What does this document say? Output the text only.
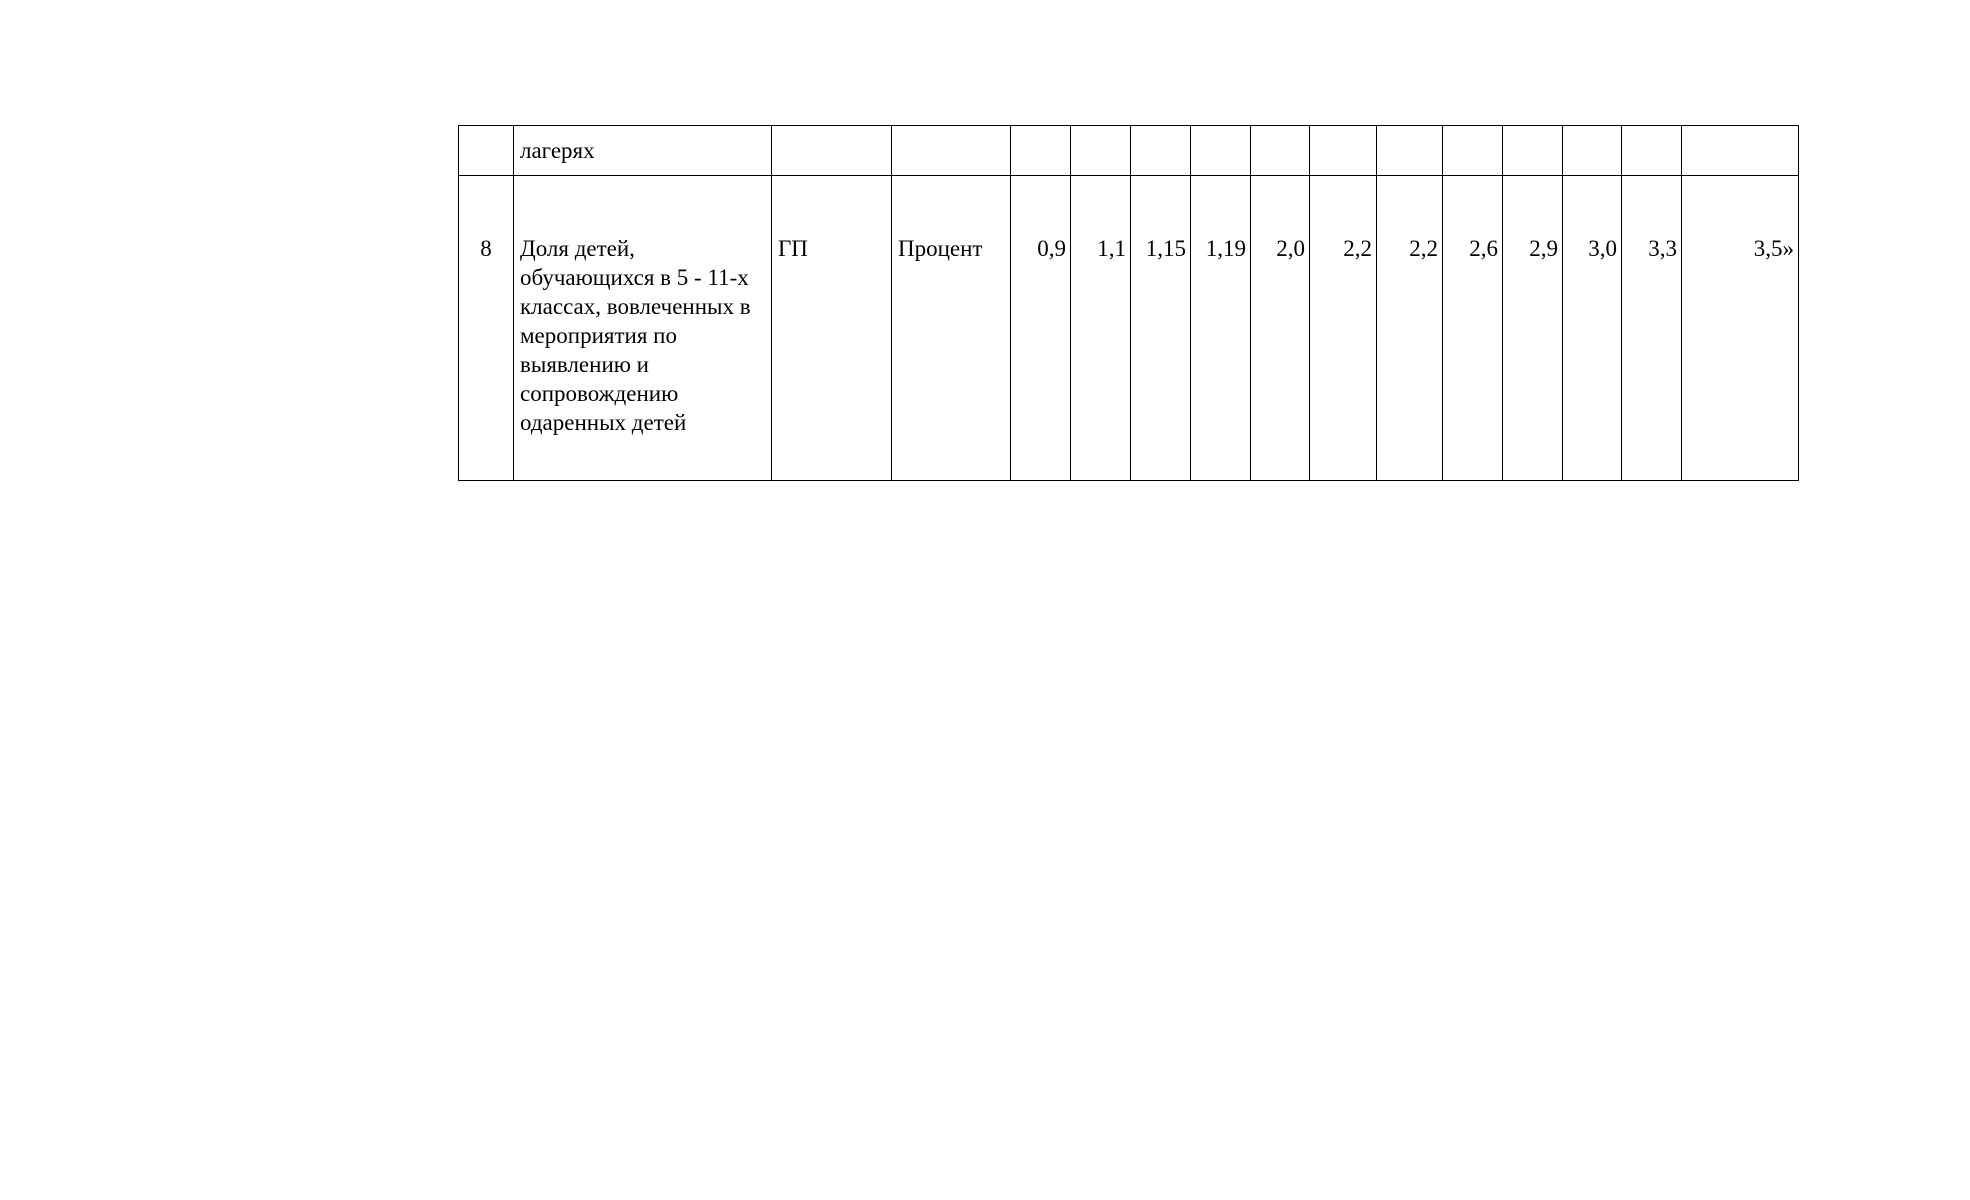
	лагерях														

8	Доля детей, обучающихся в 5 - 11-х классах, вовлеченных в мероприятия по выявлению и сопровождению одаренных детей	ГП	Процент	0,9	1,1	1,15	1,19	2,0	2,2	2,2	2,6	2,9	3,0	3,3	3,5»
